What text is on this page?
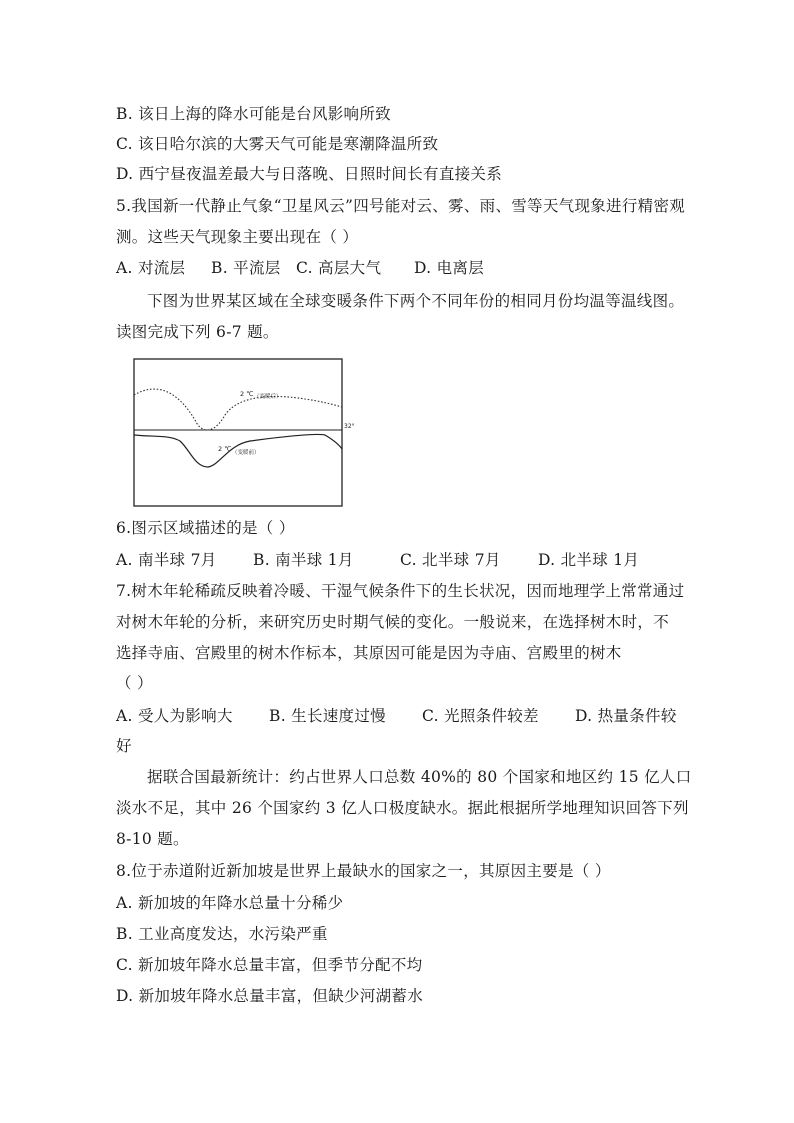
B. 该日上海的降水可能是台风影响所致
C. 该日哈尔滨的大雾天气可能是寒潮降温所致
D. 西宁昼夜温差最大与日落晚、日照时间长有直接关系
5.我国新一代静止气象“卫星风云”四号能对云、雾、雨、雪等天气现象进行精密观
测。这些天气现象主要出现在（ ）
A. 对流层 B. 平流层 C. 高层大气 D. 电离层
下图为世界某区域在全球变暖条件下两个不同年份的相同月份均温等温线图。
读图完成下列 6-7 题。
2 ℃ （变暖后）
32°
2 ℃ （变暖前）
6.图示区域描述的是（ ）
A. 南半球 7月 B. 南半球 1月	C. 北半球 7月 D. 北半球 1月
7.树木年轮稀疏反映着冷暖、干湿气候条件下的生长状况，因而地理学上常常通过
对树木年轮的分析，来研究历史时期气候的变化。一般说来，在选择树木时，不
选择寺庙、宫殿里的树木作标本，其原因可能是因为寺庙、宫殿里的树木
（ ）
A. 受人为影响大 B. 生长速度过慢 C. 光照条件较差 D. 热量条件较
好
据联合国最新统计：约占世界人口总数 40%的 80 个国家和地区约 15 亿人口
淡水不足，其中 26 个国家约 3 亿人口极度缺水。据此根据所学地理知识回答下列
8-10 题。
8.位于赤道附近新加坡是世界上最缺水的国家之一，其原因主要是（ ）
A. 新加坡的年降水总量十分稀少
B. 工业高度发达，水污染严重
C. 新加坡年降水总量丰富，但季节分配不均
D. 新加坡年降水总量丰富，但缺少河湖蓄水
